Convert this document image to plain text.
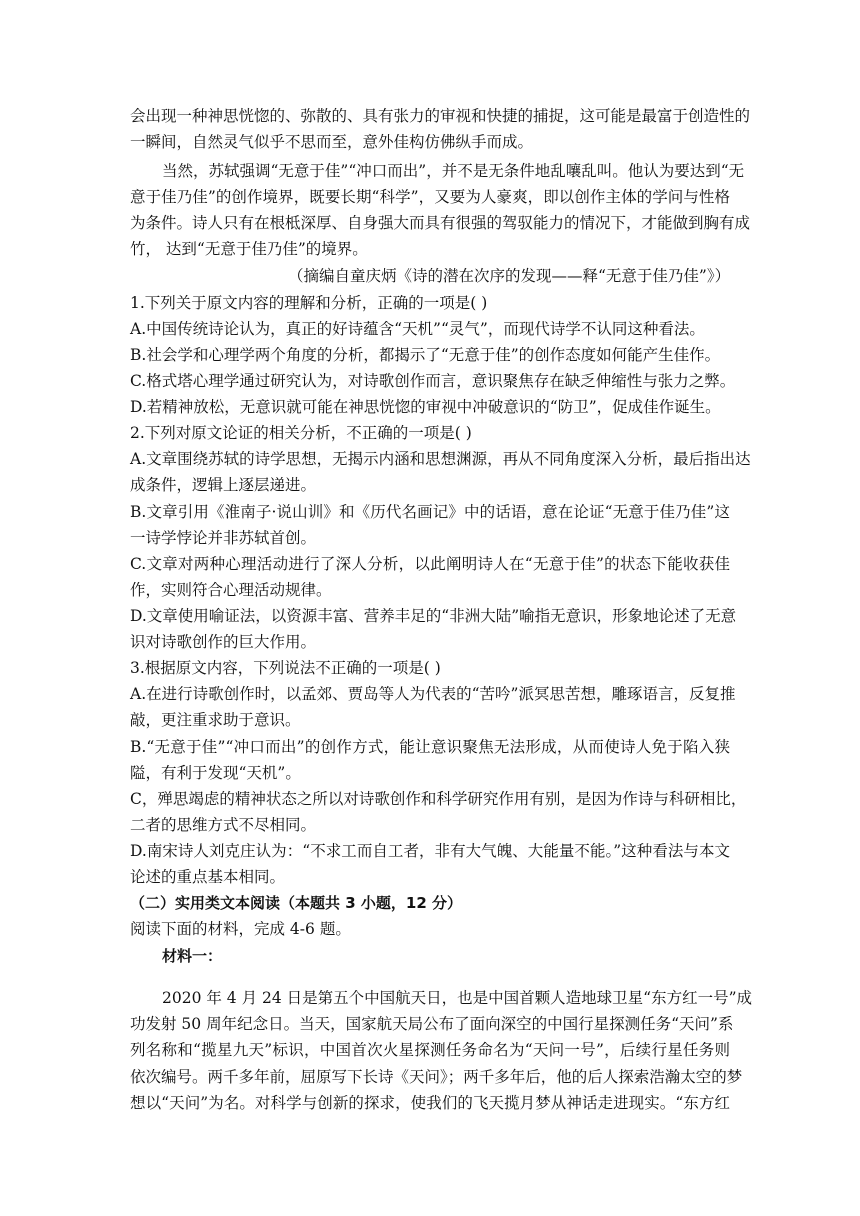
会出现一种神思恍惚的、弥散的、具有张力的审视和快捷的捕捉，这可能是最富于创造性的
一瞬间，自然灵气似乎不思而至，意外佳构仿佛纵手而成。
当然，苏轼强调“无意于佳”“冲口而出”，并不是无条件地乱嚷乱叫。他认为要达到“无
意于佳乃佳”的创作境界，既要长期“科学”，又要为人豪爽，即以创作主体的学问与性格
为条件。诗人只有在根柢深厚、自身强大而具有很强的驾驭能力的情况下，才能做到胸有成
竹， 达到“无意于佳乃佳”的境界。
（摘编自童庆炳《诗的潜在次序的发现——释“无意于佳乃佳”》）
1.下列关于原文内容的理解和分析，正确的一项是( )
A.中国传统诗论认为，真正的好诗蕴含“天机”“灵气”，而现代诗学不认同这种看法。
B.社会学和心理学两个角度的分析，都揭示了“无意于佳”的创作态度如何能产生佳作。
C.格式塔心理学通过研究认为，对诗歌创作而言，意识聚焦存在缺乏伸缩性与张力之弊。
D.若精神放松，无意识就可能在神思恍惚的审视中冲破意识的“防卫”，促成佳作诞生。
2.下列对原文论证的相关分析，不正确的一项是( )
A.文章围绕苏轼的诗学思想，无揭示内涵和思想渊源，再从不同角度深入分析，最后指出达
成条件，逻辑上逐层递进。
B.文章引用《淮南子·说山训》和《历代名画记》中的话语，意在论证“无意于佳乃佳”这
一诗学悖论并非苏轼首创。
C.文章对两种心理活动进行了深人分析，以此阐明诗人在“无意于佳”的状态下能收获佳
作，实则符合心理活动规律。
D.文章使用喻证法，以资源丰富、营养丰足的“非洲大陆”喻指无意识，形象地论述了无意
识对诗歌创作的巨大作用。
3.根据原文内容，下列说法不正确的一项是( )
A.在进行诗歌创作时，以孟郊、贾岛等人为代表的“苦吟”派冥思苦想，雕琢语言，反复推
敲，更注重求助于意识。
B.“无意于佳”“冲口而出”的创作方式，能让意识聚焦无法形成，从而使诗人免于陷入狭
隘，有利于发现“天机”。
C，殚思竭虑的精神状态之所以对诗歌创作和科学研究作用有别，是因为作诗与科研相比，
二者的思维方式不尽相同。
D.南宋诗人刘克庄认为：“不求工而自工者，非有大气魄、大能量不能。”这种看法与本文
论述的重点基本相同。
（二）实用类文本阅读（本题共 3 小题，12 分）
阅读下面的材料，完成 4-6 题。
材料一：
2020 年 4 月 24 日是第五个中国航天日，也是中国首颗人造地球卫星“东方红一号”成
功发射 50 周年纪念日。当天，国家航天局公布了面向深空的中国行星探测任务“天问”系
列名称和“揽星九天”标识，中国首次火星探测任务命名为“天问一号”，后续行星任务则
依次编号。两千多年前，屈原写下长诗《天问》；两千多年后，他的后人探索浩瀚太空的梦
想以“天问”为名。对科学与创新的探求，使我们的飞天揽月梦从神话走进现实。“东方红
